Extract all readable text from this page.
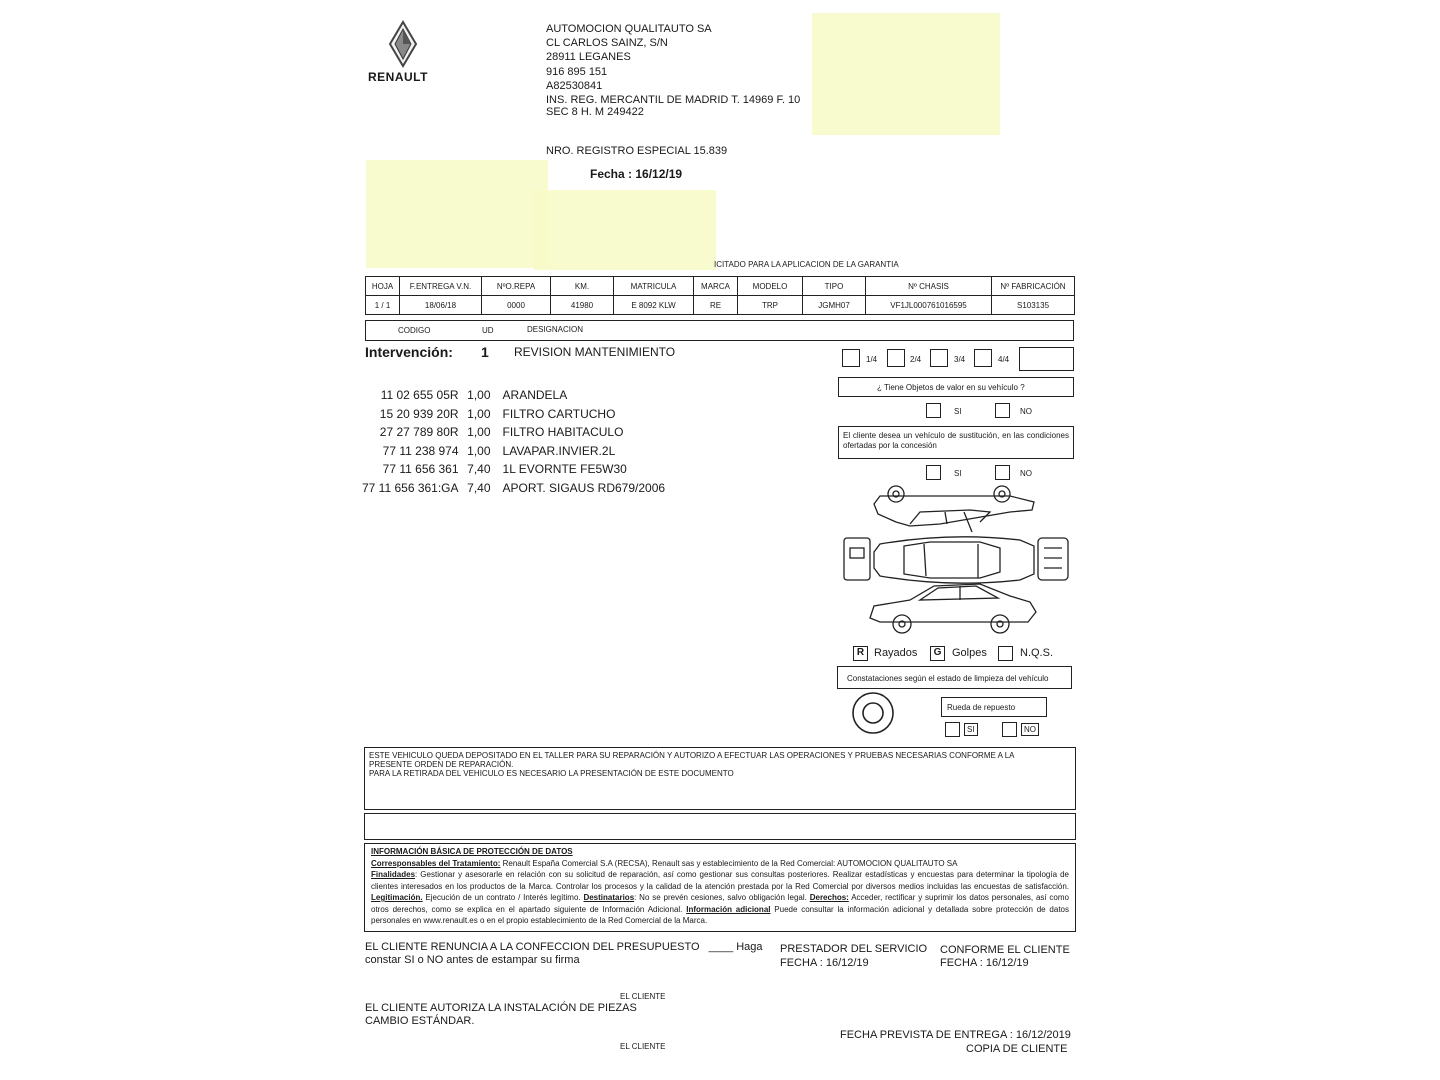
RENAULT
AUTOMOCION QUALITAUTO SA
CL CARLOS SAINZ, S/N
28911 LEGANES
916 895 151
A82530841
INS. REG. MERCANTIL DE MADRID T. 14969 F. 10
SEC 8 H. M 249422
NRO. REGISTRO ESPECIAL 15.839
Fecha : 16/12/19
ICITADO PARA LA APLICACION DE LA GARANTIA
HOJA	F.ENTREGA V.N.	NºO.REPA	KM.	MATRICULA	MARCA	MODELO	TIPO	Nº CHASIS	Nº FABRICACIÓN
1 / 1	18/06/18	0000	41980	E 8092 KLW	RE	TRP	JGMH07	VF1JL000761016595	S103135
CODIGO	UD	DESIGNACION
Intervención: 1 REVISION MANTENIMIENTO
11 02 655 05R	1,00	ARANDELA
15 20 939 20R	1,00	FILTRO CARTUCHO
27 27 789 80R	1,00	FILTRO HABITACULO
77 11 238 974	1,00	LAVAPAR.INVIER.2L
77 11 656 361	7,40	1L EVORNTE FE5W30
77 11 656 361:GA	7,40	APORT. SIGAUS RD679/2006
1/4	2/4	3/4	4/4
¿ Tiene Objetos de valor en su vehículo ?
SI	NO
El cliente desea un vehículo de sustitución, en las condiciones ofertadas por la concesión
SI	NO
R Rayados	G Golpes	N.Q.S.
Constataciones según el estado de limpieza del vehículo
Rueda de repuesto
SI	NO
ESTE VEHICULO QUEDA DEPOSITADO EN EL TALLER PARA SU REPARACIÓN Y AUTORIZO A EFECTUAR LAS OPERACIONES Y PRUEBAS NECESARIAS CONFORME A LA
PRESENTE ORDEN DE REPARACIÓN.
PARA LA RETIRADA DEL VEHICULO ES NECESARIO LA PRESENTACIÓN DE ESTE DOCUMENTO
INFORMACIÓN BÁSICA DE PROTECCIÓN DE DATOS
Corresponsables del Tratamiento: Renault España Comercial S.A (RECSA), Renault sas y establecimiento de la Red Comercial: AUTOMOCION QUALITAUTO SA
Finalidades: Gestionar y asesorarle en relación con su solicitud de reparación, así como gestionar sus consultas posteriores. Realizar estadísticas y encuestas para determinar la tipología de clientes interesados en los productos de la Marca. Controlar los procesos y la calidad de la atención prestada por la Red Comercial por diversos medios incluidas las encuestas de satisfacción. Legitimación. Ejecución de un contrato / Interés legítimo. Destinatarios: No se prevén cesiones, salvo obligación legal. Derechos: Acceder, rectificar y suprimir los datos personales, así como otros derechos, como se explica en el apartado siguiente de Información Adicional. Información adicional Puede consultar la información adicional y detallada sobre protección de datos personales en www.renault.es o en el propio establecimiento de la Red Comercial de la Marca.
EL CLIENTE RENUNCIA A LA CONFECCION DEL PRESUPUESTO ____ Haga
constar SI o NO antes de estampar su firma
PRESTADOR DEL SERVICIO
FECHA : 16/12/19
CONFORME EL CLIENTE
FECHA : 16/12/19
EL CLIENTE
EL CLIENTE AUTORIZA LA INSTALACIÓN DE PIEZAS
CAMBIO ESTÁNDAR.
FECHA PREVISTA DE ENTREGA : 16/12/2019
EL CLIENTE	COPIA DE CLIENTE
